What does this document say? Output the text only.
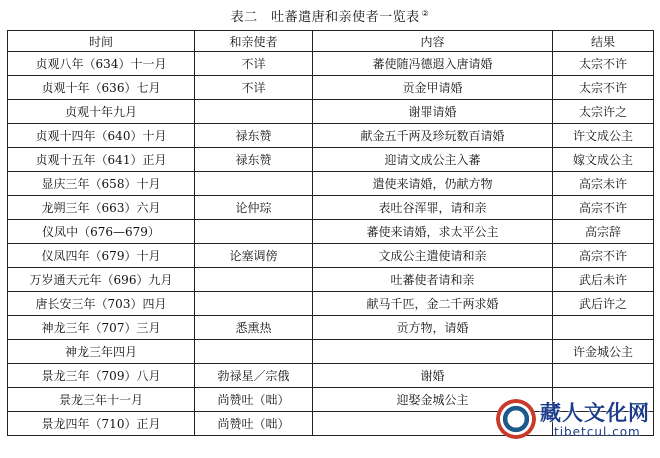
表二　吐蕃遣唐和亲使者一览表 ②
时间	和亲使者	内容	结果
贞观八年（634）十一月	不详	蕃使随冯德遐入唐请婚	太宗不许
贞观十年（636）七月	不详	贡金甲请婚	太宗不许
贞观十年九月		谢罪请婚	太宗许之
贞观十四年（640）十月	禄东赞	献金五千两及珍玩数百请婚	许文成公主
贞观十五年（641）正月	禄东赞	迎请文成公主入蕃	嫁文成公主
显庆三年（658）十月		遣使来请婚，仍献方物	高宗未许
龙朔三年（663）六月	论仲琮	表吐谷浑罪，请和亲	高宗不许
仪凤中（676—679）		蕃使来请婚，求太平公主	高宗辞
仪凤四年（679）十月	论塞调傍	文成公主遣使请和亲	高宗不许
万岁通天元年（696）九月		吐蕃使者请和亲	武后未许
唐长安三年（703）四月		献马千匹，金二千两求婚	武后许之
神龙三年（707）三月	悉熏热	贡方物，请婚	
神龙三年四月			许金城公主
景龙三年（709）八月	勃禄星／宗俄	谢婚	
景龙三年十一月	尚赞吐（咄）	迎娶金城公主	
景龙四年（710）正月	尚赞吐（咄）			藏人文化网
tibetcul.com
